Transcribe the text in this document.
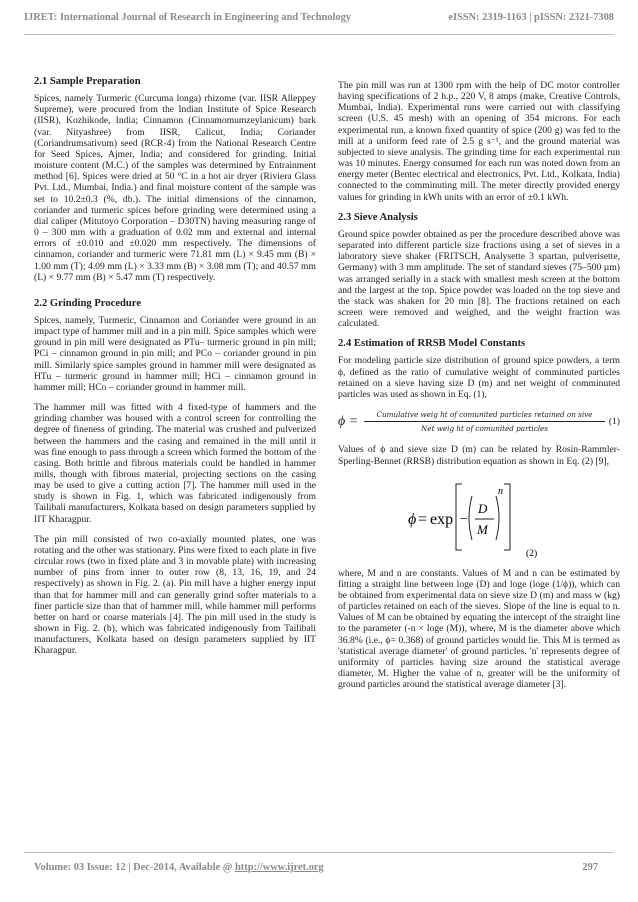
IJRET: International Journal of Research in Engineering and Technology	eISSN: 2319-1163 | pISSN: 2321-7308
2.1 Sample Preparation

Spices, namely Turmeric (Curcuma longa) rhizome (var. IISR Alleppey Supreme), were procured from the Indian Institute of Spice Research (IISR), Kozhikode, India; Cinnamon (Cinnamomumzeylanicum) bark (var. Nityashree) from IISR, Calicut, India; Coriander (Coriandrumsativum) seed (RCR-4) from the National Research Centre for Seed Spices, Ajmer, India; and considered for grinding. Initial moisture content (M.C.) of the samples was determined by Entrainment method [6]. Spices were dried at 50 °C in a hot air dryer (Riviera Glass Pvt. Ltd., Mumbai, India.) and final moisture content of the sample was set to 10.2±0.3 (%, db.). The initial dimensions of the cinnamon, coriander and turmeric spices before grinding were determined using a dial caliper (Mitutoyo Corporation – D30TN) having measuring range of 0 – 300 mm with a graduation of 0.02 mm and external and internal errors of ±0.010 and ±0.020 mm respectively. The dimensions of cinnamon, coriander and turmeric were 71.81 mm (L) × 9.45 mm (B) × 1.00 mm (T); 4.09 mm (L) × 3.33 mm (B) × 3.08 mm (T); and 40.57 mm (L) × 9.77 mm (B) × 5.47 mm (T) respectively.

2.2 Grinding Procedure

Spices, namely, Turmeric, Cinnamon and Coriander were ground in an impact type of hammer mill and in a pin mill. Spice samples which were ground in pin mill were designated as PTu– turmeric ground in pin mill; PCi – cinnamon ground in pin mill; and PCo – coriander ground in pin mill. Similarly spice samples ground in hammer mill were designated as HTu – turmeric ground in hammer mill; HCi – cinnamon ground in hammer mill; HCo – coriander ground in hammer mill.

The hammer mill was fitted with 4 fixed-type of hammers and the grinding chamber was housed with a control screen for controlling the degree of fineness of grinding. The material was crushed and pulverized between the hammers and the casing and remained in the mill until it was fine enough to pass through a screen which formed the bottom of the casing. Both brittle and fibrous materials could be handled in hammer mills, though with fibrous material, projecting sections on the casing may be used to give a cutting action [7]. The hammer mill used in the study is shown in Fig. 1, which was fabricated indigenously from Tailibali manufacturers, Kolkata based on design parameters supplied by IIT Kharagpur.

The pin mill consisted of two co-axially mounted plates, one was rotating and the other was stationary. Pins were fixed to each plate in five circular rows (two in fixed plate and 3 in movable plate) with increasing number of pins from inner to outer row (8, 13, 16, 19, and 24 respectively) as shown in Fig. 2. (a). Pin mill have a higher energy input than that for hammer mill and can generally grind softer materials to a finer particle size than that of hammer mill, while hammer mill performs better on hard or coarse materials [4]. The pin mill used in the study is shown in Fig. 2. (b), which was fabricated indigenously from Tailibali manufacturers, Kolkata based on design parameters supplied by IIT Kharagpur.

The pin mill was run at 1300 rpm with the help of DC motor controller having specifications of 2 h.p., 220 V, 8 amps (make, Creative Controls, Mumbai, India). Experimental runs were carried out with classifying screen (U.S. 45 mesh) with an opening of 354 microns. For each experimental run, a known fixed quantity of spice (200 g) was fed to the mill at a uniform feed rate of 2.5 g s⁻¹, and the ground material was subjected to sieve analysis. The grinding time for each experimental run was 10 minutes. Energy consumed for each run was noted down from an energy meter (Bentec electrical and electronics, Pvt. Ltd., Kolkata, India) connected to the comminuting mill. The meter directly provided energy values for grinding in kWh units with an error of ±0.1 kWh.

2.3 Sieve Analysis

Ground spice powder obtained as per the procedure described above was separated into different particle size fractions using a set of sieves in a laboratory sieve shaker (FRITSCH, Analysette 3 spartan, pulverisette, Germany) with 3 mm amplitude. The set of standard sieves (75–500 µm) was arranged serially in a stack with smallest mesh screen at the bottom and the largest at the top. Spice powder was loaded on the top sieve and the stack was shaken for 20 min [8]. The fractions retained on each screen were removed and weighed, and the weight fraction was calculated.

2.4 Estimation of RRSB Model Constants

For modeling particle size distribution of ground spice powders, a term ϕ, defined as the ratio of cumulative weight of comminuted particles retained on a sieve having size D (m) and net weight of comminuted particles was used as shown in Eq. (1),

ϕ =	Cumulative weig ht of comunited particles retained on sive
Net weig ht of comunited particles
(1)

Values of ϕ and sieve size D (m) can be related by Rosin-Rammler-Sperling-Bennet (RRSB) distribution equation as shown in Eq. (2) [9],

ϕ = exp −
D
M
n
(2)

where, M and n are constants. Values of M and n can be estimated by fitting a straight line between loge (D) and loge (loge (1/ϕ)), which can be obtained from experimental data on sieve size D (m) and mass w (kg) of particles retained on each of the sieves. Slope of the line is equal to n. Values of M can be obtained by equating the intercept of the straight line to the parameter (-n × loge (M)), where, M is the diameter above which 36.8% (i.e., ϕ= 0.368) of ground particles would lie. This M is termed as 'statistical average diameter' of ground particles. 'n' represents degree of uniformity of particles having size around the statistical average diameter, M. Higher the value of n, greater will be the uniformity of ground particles around the statistical average diameter [3].

Volume: 03 Issue: 12 | Dec-2014, Available @ http://www.ijret.org	297
